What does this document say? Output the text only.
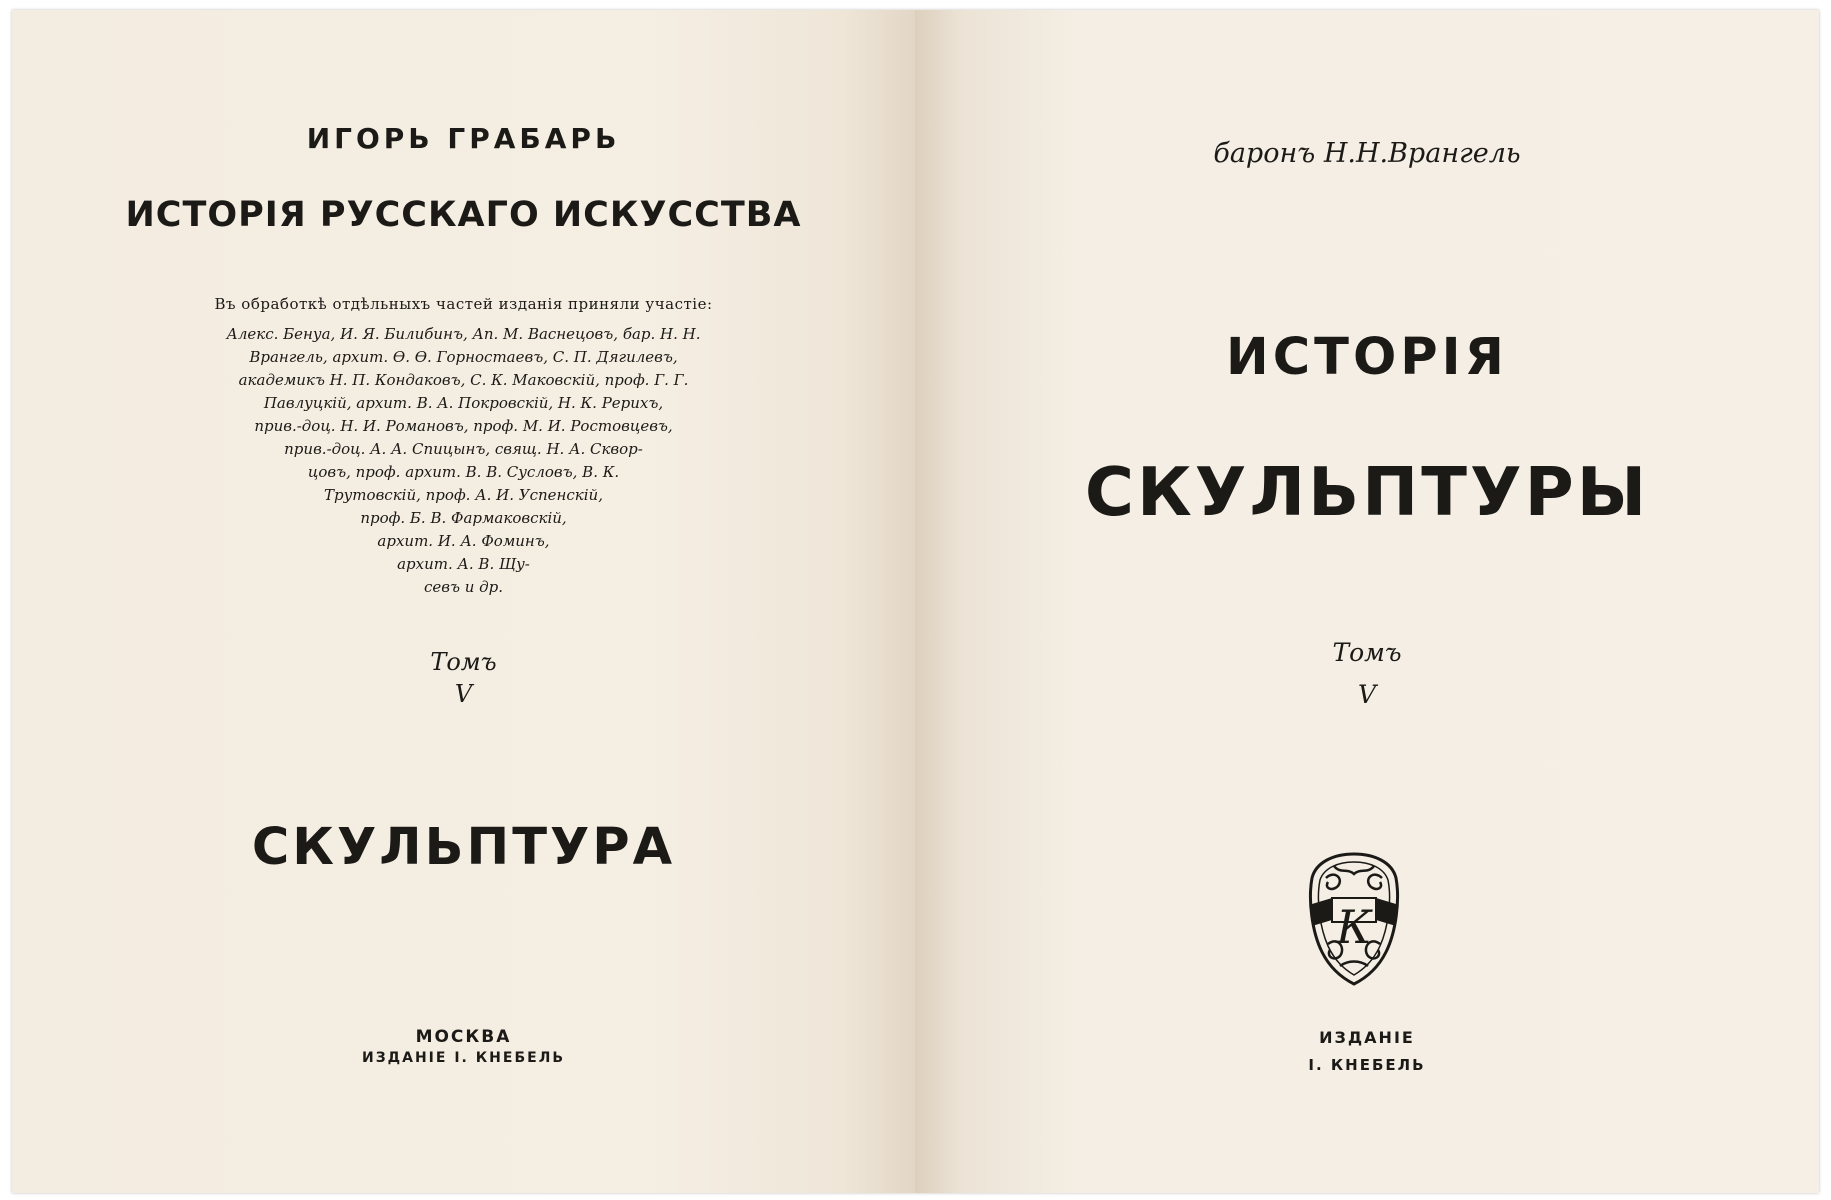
ИГОРЬ ГРАБАРЬ
ИСТОРІЯ РУССКАГО ИСКУССТВА
Въ обработкѣ отдѣльныхъ частей изданія приняли участіе:
Алекс. Бенуа, И. Я. Билибинъ, Ап. М. Васнецовъ, бар. Н. Н.
Врангель, архит. Ѳ. Ѳ. Горностаевъ, С. П. Дягилевъ,
академикъ Н. П. Кондаковъ, С. К. Маковскій, проф. Г. Г.
Павлуцкій, архит. В. А. Покровскій, Н. К. Рерихъ,
прив.-доц. Н. И. Романовъ, проф. М. И. Ростовцевъ,
прив.-доц. А. А. Спицынъ, свящ. Н. А. Сквор-
цовъ, проф. архит. В. В. Сусловъ, В. К.
Трутовскій, проф. А. И. Успенскій,
проф. Б. В. Фармаковскій,
архит. И. А. Фоминъ,
архит. А. В. Щу-
севъ и др.
Томъ
V
СКУЛЬПТУРА
МОСКВА
ИЗДАНІЕ І. КНЕБЕЛЬ
баронъ Н.Н.Врангель
ИСТОРІЯ
СКУЛЬПТУРЫ
Томъ
V
К
ИЗДАНІЕ
І. КНЕБЕЛЬ
